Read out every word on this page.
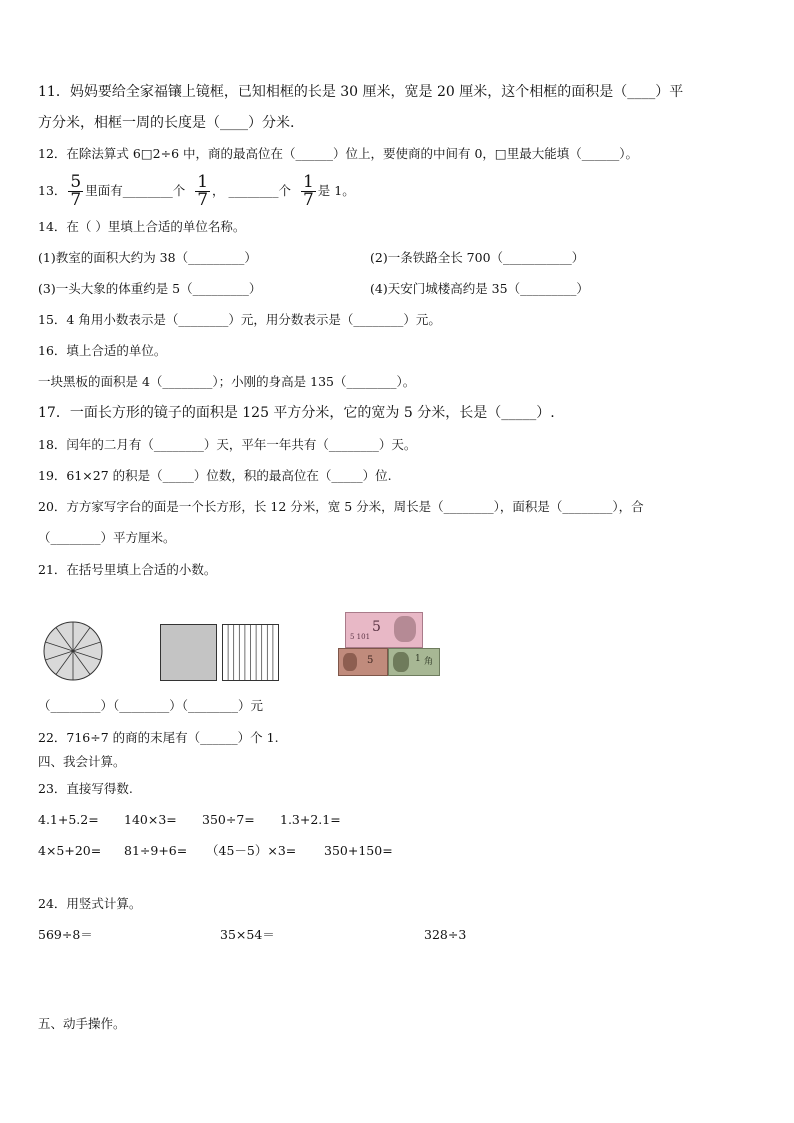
11．妈妈要给全家福镶上镜框，已知相框的长是 30 厘米，宽是 20 厘米，这个相框的面积是（____）平
方分米，相框一周的长度是（____）分米.
12．在除法算式 6□2÷6 中，商的最高位在（______）位上，要使商的中间有 0，□里最大能填（______）。
13． $\frac{5}{7}$ 里面有________个 $\frac{1}{7}$ ， ________个 $\frac{1}{7}$ 是 1。
14．在（ ）里填上合适的单位名称。
(1)教室的面积大约为 38（_________）	(2)一条铁路全长 700（___________）
(3)一头大象的体重约是 5（_________）	(4)天安门城楼高约是 35（_________）
15．4 角用小数表示是（________）元，用分数表示是（________）元。
16．填上合适的单位。
一块黑板的面积是 4（________）；小刚的身高是 135（________）。
17．一面长方形的镜子的面积是 125 平方分米，它的宽为 5 分米，长是（_____）.
18．闰年的二月有（________）天，平年一年共有（________）天。
19．61×27 的积是（_____）位数，积的最高位在（_____）位.
20．方方家写字台的面是一个长方形，长 12 分米，宽 5 分米，周长是（________），面积是（________），合
（________）平方厘米。
21．在括号里填上合适的小数。
5
5 101
5	1 角
（________）（________）（________）元
22．716÷7 的商的末尾有（______）个 1.
四、我会计算。
23．直接写得数.
4.1+5.2= 140×3= 350÷7= 1.3+2.1=
4×5+20= 81÷9+6= （45－5）×3= 350+150=
24．用竖式计算。
569÷8＝	35×54＝	328÷3
五、动手操作。
